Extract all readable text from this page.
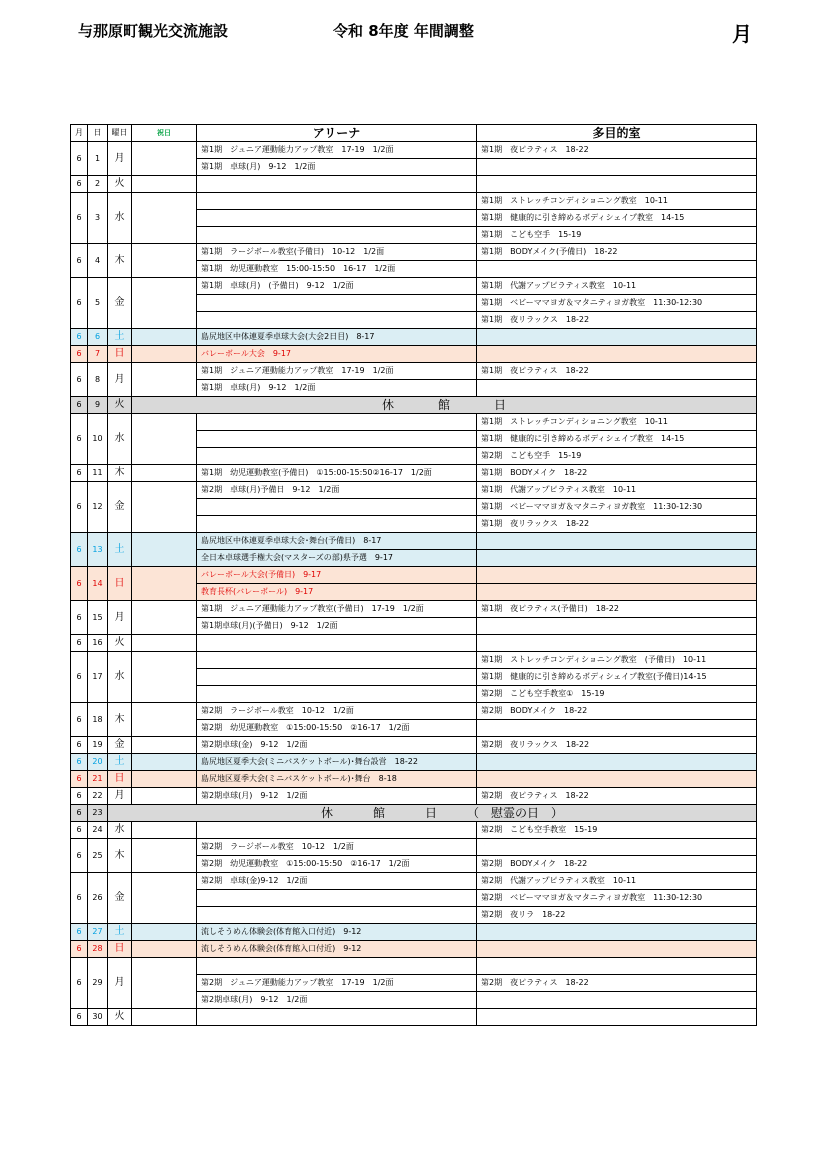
与那原町観光交流施設	令和 8年度 年間調整	月
月	日	曜日	祝日	アリーナ	多目的室
6	1	月		第1期　ジュニア運動能力アップ教室　17-19　1/2面	第1期　夜ピラティス　18-22
				第1期　卓球(月)　9-12　1/2面	
6	2	火			
6	3	水			第1期　ストレッチコンディショニング教室　10-11
					第1期　健康的に引き締めるボディシェイプ教室　14-15
					第1期　こども空手　15-19
6	4	木		第1期　ラージボール教室(予備日)　10-12　1/2面	第1期　BODYメイク(予備日)　18-22
				第1期　幼児運動教室　15:00-15:50　16-17　1/2面	
6	5	金		第1期　卓球(月)　(予備日)　9-12　1/2面	第1期　代謝アップピラティス教室　10-11
					第1期　ベビーママヨガ＆マタニティヨガ教室　11:30-12:30
					第1期　夜リラックス　18-22
6	6	土		島尻地区中体連夏季卓球大会(大会2日目)　8-17	
6	7	日		バレーボール大会　9-17	
6	8	月		第1期　ジュニア運動能力アップ教室　17-19　1/2面	第1期　夜ピラティス　18-22
				第1期　卓球(月)　9-12　1/2面	
6	9	火	休 館 日		
6	10	水			第1期　ストレッチコンディショニング教室　10-11
					第1期　健康的に引き締めるボディシェイプ教室　14-15
					第2期　こども空手　15-19
6	11	木		第1期　幼児運動教室(予備日)　①15:00-15:50②16-17　1/2面	第1期　BODYメイク　18-22
6	12	金		第2期　卓球(月)予備日　9-12　1/2面	第1期　代謝アップピラティス教室　10-11
					第1期　ベビーママヨガ＆マタニティヨガ教室　11:30-12:30
					第1期　夜リラックス　18-22
6	13	土		島尻地区中体連夏季卓球大会･舞台(予備日)　8-17	
				全日本卓球選手権大会(マスターズの部)県予選　9-17	
6	14	日		バレーボール大会(予備日)　9-17	
				教育長杯(バレーボール)　9-17	
6	15	月		第1期　ジュニア運動能力アップ教室(予備日)　17-19　1/2面	第1期　夜ピラティス(予備日)　18-22
				第1期卓球(月)(予備日)　9-12　1/2面	
6	16	火			
6	17	水			第1期　ストレッチコンディショニング教室　(予備日)　10-11
					第1期　健康的に引き締めるボディシェイプ教室(予備日)14-15
					第2期　こども空手教室①　15-19
6	18	木		第2期　ラージボール教室　10-12　1/2面	第2期　BODYメイク　18-22
				第2期　幼児運動教室　①15:00-15:50　②16-17　1/2面	
6	19	金		第2期卓球(金)　9-12　1/2面	第2期　夜リラックス　18-22
6	20	土		島尻地区夏季大会(ミニバスケットボール)･舞台設営　18-22	
6	21	日		島尻地区夏季大会(ミニバスケットボール)･舞台　8-18	
6	22	月		第2期卓球(月)　9-12　1/2面	第2期　夜ピラティス　18-22
6	23	休 館 日 （　慰霊の日　）			
6	24	水			第2期　こども空手教室　15-19
6	25	木		第2期　ラージボール教室　10-12　1/2面	
				第2期　幼児運動教室　①15:00-15:50　②16-17　1/2面	第2期　BODYメイク　18-22
6	26	金		第2期　卓球(金)9-12　1/2面	第2期　代謝アップピラティス教室　10-11
					第2期　ベビーママヨガ＆マタニティヨガ教室　11:30-12:30
					第2期　夜リラ　18-22
6	27	土		流しそうめん体験会(体育館入口付近)　9-12	
6	28	日		流しそうめん体験会(体育館入口付近)　9-12	
6	29	月			
				第2期　ジュニア運動能力アップ教室　17-19　1/2面	第2期　夜ピラティス　18-22
				第2期卓球(月)　9-12　1/2面	
6	30	火			
